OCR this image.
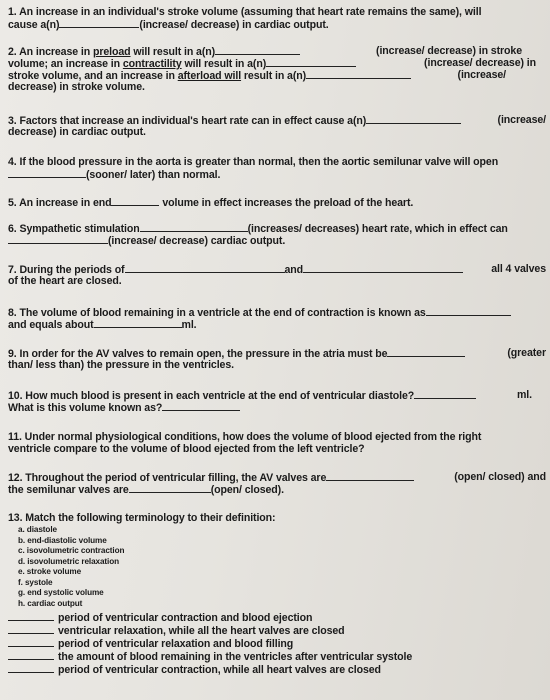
1. An increase in an individual's stroke volume (assuming that heart rate remains the same), will
cause a(n)	(increase/ decrease) in cardiac output.
2. An increase in preload will result in a(n)	(increase/ decrease) in stroke
volume; an increase in contractility will result in a(n)	(increase/ decrease) in
stroke volume, and an increase in afterload will result in a(n)	(increase/
decrease) in stroke volume.
3. Factors that increase an individual's heart rate can in effect cause a(n)	(increase/
decrease) in cardiac output.
4. If the blood pressure in the aorta is greater than normal, then the aortic semilunar valve will open
(sooner/ later) than normal.
5. An increase in end	volume in effect increases the preload of the heart.
6. Sympathetic stimulation	(increases/ decreases) heart rate, which in effect can
(increase/ decrease) cardiac output.
7. During the periods of	and	all 4 valves
of the heart are closed.
8. The volume of blood remaining in a ventricle at the end of contraction is known as
and equals about	ml.
9. In order for the AV valves to remain open, the pressure in the atria must be	(greater
than/ less than) the pressure in the ventricles.
10. How much blood is present in each ventricle at the end of ventricular diastole?	ml.
What is this volume known as?
11. Under normal physiological conditions, how does the volume of blood ejected from the right
ventricle compare to the volume of blood ejected from the left ventricle?
12. Throughout the period of ventricular filling, the AV valves are	(open/ closed) and
the semilunar valves are	(open/ closed).
13. Match the following terminology to their definition:
a. diastole
b. end-diastolic volume
c. isovolumetric contraction
d. isovolumetric relaxation
e. stroke volume
f. systole
g. end systolic volume
h. cardiac output
period of ventricular contraction and blood ejection
ventricular relaxation, while all the heart valves are closed
period of ventricular relaxation and blood filling
the amount of blood remaining in the ventricles after ventricular systole
period of ventricular contraction, while all heart valves are closed
